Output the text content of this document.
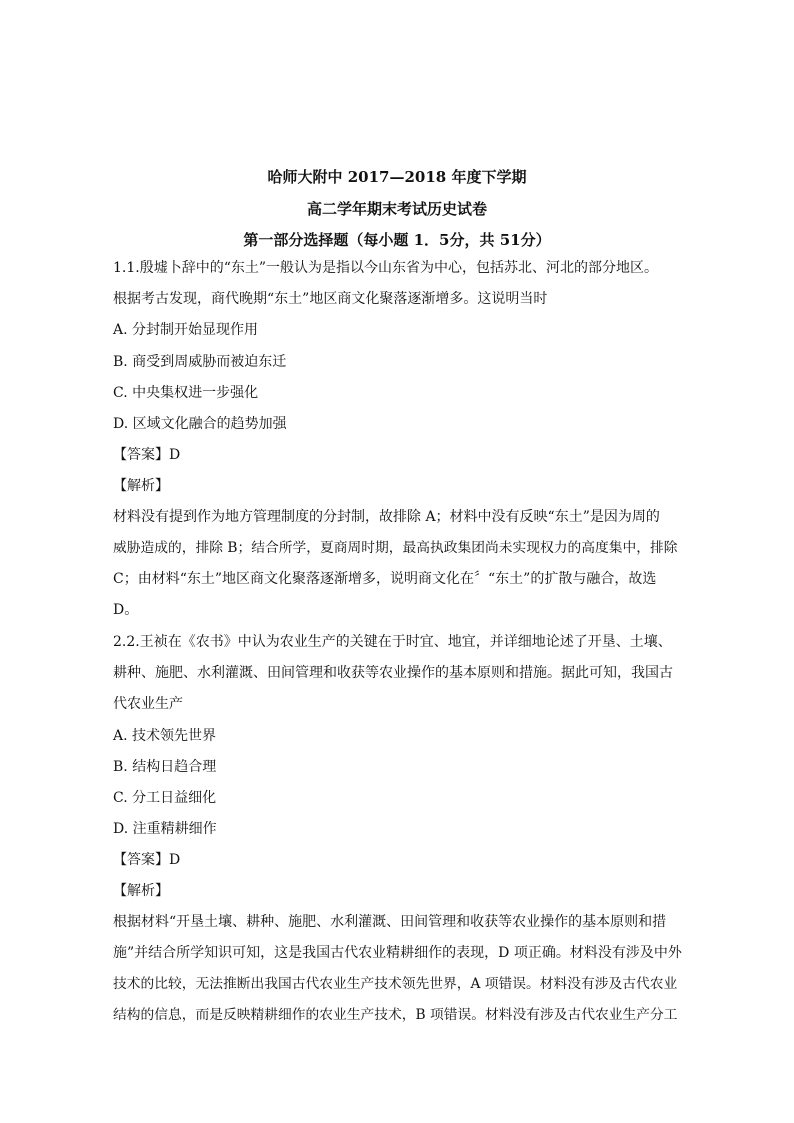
哈师大附中 2017—2018 年度下学期
高二学年期末考试历史试卷
第一部分选择题（每小题 1．5分，共 51分）
1.1.殷墟卜辞中的“东土”一般认为是指以今山东省为中心，包括苏北、河北的部分地区。
根据考古发现，商代晚期“东土”地区商文化聚落逐渐增多。这说明当时
A. 分封制开始显现作用
B. 商受到周威胁而被迫东迁
C. 中央集权进一步强化
D. 区域文化融合的趋势加强
【答案】D
【解析】
材料没有提到作为地方管理制度的分封制，故排除 A；材料中没有反映“东土”是因为周的
威胁造成的，排除 B；结合所学，夏商周时期，最高执政集团尚未实现权力的高度集中，排除
C；由材料“东土”地区商文化聚落逐渐增多，说明商文化在〞“东土”的扩散与融合，故选
D。
2.2.王祯在《农书》中认为农业生产的关键在于时宜、地宜，并详细地论述了开垦、土壤、
耕种、施肥、水利灌溉、田间管理和收获等农业操作的基本原则和措施。据此可知，我国古
代农业生产
A. 技术领先世界
B. 结构日趋合理
C. 分工日益细化
D. 注重精耕细作
【答案】D
【解析】
根据材料“开垦土壤、耕种、施肥、水利灌溉、田间管理和收获等农业操作的基本原则和措
施”并结合所学知识可知，这是我国古代农业精耕细作的表现，D 项正确。材料没有涉及中外
技术的比较，无法推断出我国古代农业生产技术领先世界，A 项错误。材料没有涉及古代农业
结构的信息，而是反映精耕细作的农业生产技术，B 项错误。材料没有涉及古代农业生产分工
